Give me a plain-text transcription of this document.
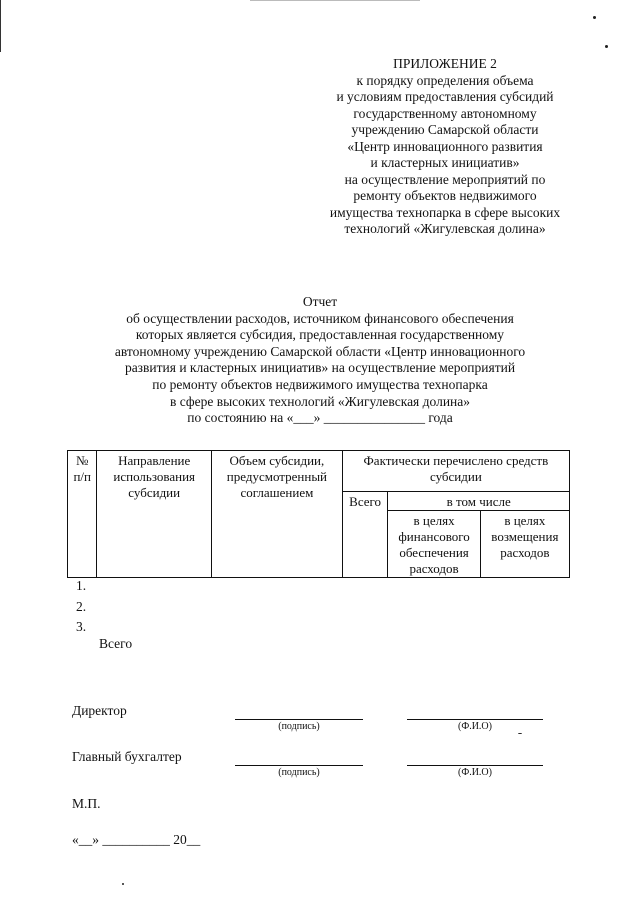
ПРИЛОЖЕНИЕ 2
к порядку определения объема
и условиям предоставления субсидий
государственному автономному
учреждению Самарской области
«Центр инновационного развития
и кластерных инициатив»
на осуществление мероприятий по
ремонту объектов недвижимого
имущества технопарка в сфере высоких
технологий «Жигулевская долина»
Отчет
об осуществлении расходов, источником финансового обеспечения
которых является субсидия, предоставленная государственному
автономному учреждению Самарской области «Центр инновационного
развития и кластерных инициатив» на осуществление мероприятий
по ремонту объектов недвижимого имущества технопарка
в сфере высоких технологий «Жигулевская долина»
по состоянию на «___» _______________ года
№ п/п	Направление использования субсидии	Объем субсидии, предусмотренный соглашением	Фактически перечислено средств субсидии		
			Всего	в том числе	
				в целях финансового обеспечения расходов	в целях возмещения расходов
1.
2.
3.
Всего
Директор
(подпись)	(Ф.И.О)
Главный бухгалтер
(подпись)	(Ф.И.О)
М.П.
«__» __________ 20__
